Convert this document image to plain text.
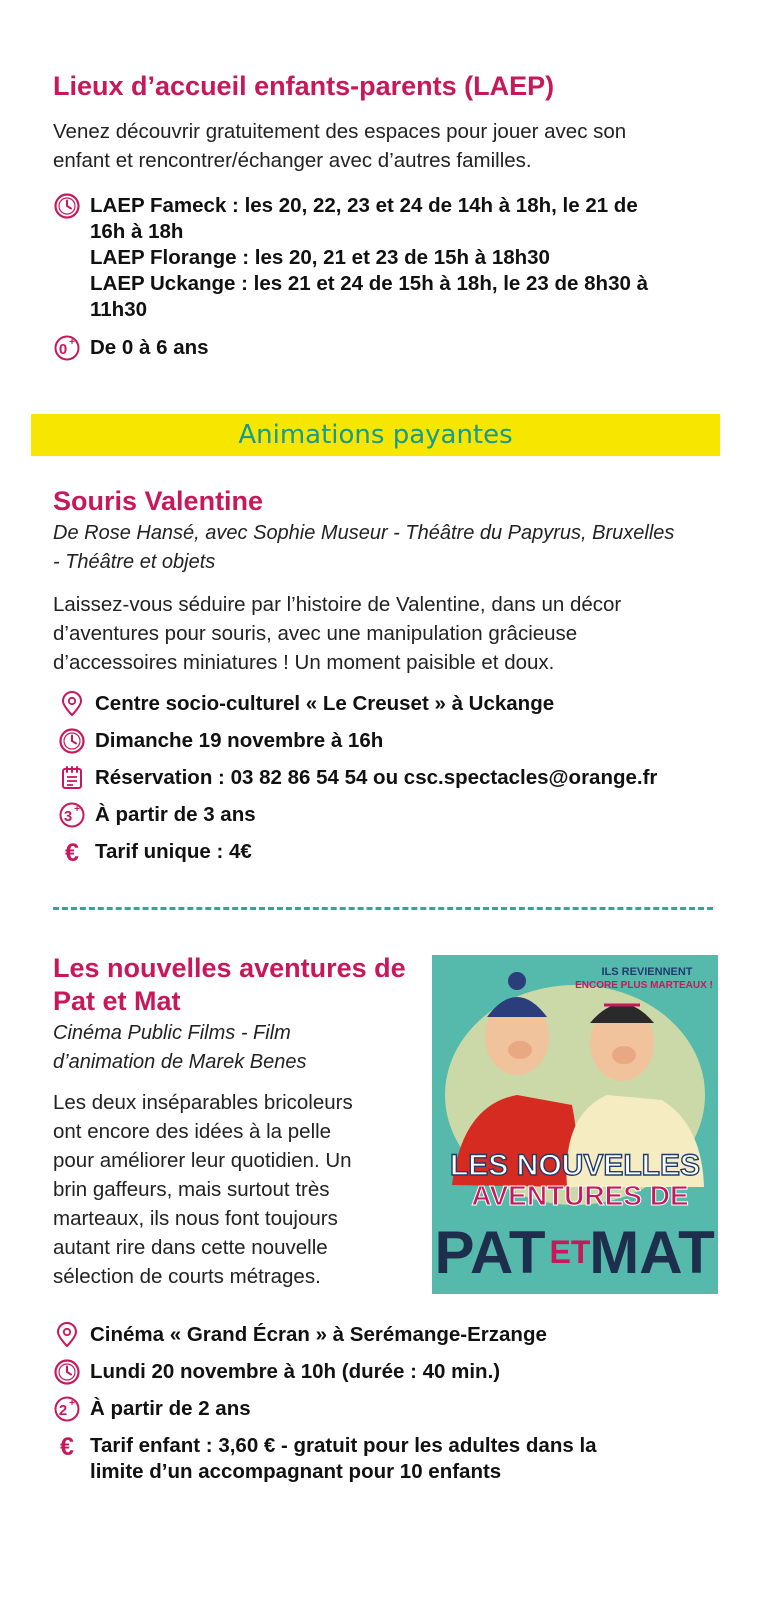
Lieux d’accueil enfants-parents (LAEP)
Venez découvrir gratuitement des espaces pour jouer avec son
enfant et rencontrer/échanger avec d’autres familles.
LAEP Fameck : les 20, 22, 23 et 24 de 14h à 18h, le 21 de
16h à 18h
LAEP Florange : les 20, 21 et 23 de 15h à 18h30
LAEP Uckange : les 21 et 24 de 15h à 18h, le 23 de 8h30 à
11h30
0 + De 0 à 6 ans
Animations payantes
Souris Valentine
De Rose Hansé, avec Sophie Museur - Théâtre du Papyrus, Bruxelles
- Théâtre et objets
Laissez-vous séduire par l’histoire de Valentine, dans un décor
d’aventures pour souris, avec une manipulation grâcieuse
d’accessoires miniatures ! Un moment paisible et doux.
Centre socio-culturel « Le Creuset » à Uckange
Dimanche 19 novembre à 16h
Réservation : 03 82 86 54 54 ou csc.spectacles@orange.fr
3 + À partir de 3 ans
€ Tarif unique : 4€
Les nouvelles aventures de
Pat et Mat
Cinéma Public Films - Film
d’animation de Marek Benes
Les deux inséparables bricoleurs
ont encore des idées à la pelle
pour améliorer leur quotidien. Un
brin gaffeurs, mais surtout très
marteaux, ils nous font toujours
autant rire dans cette nouvelle
sélection de courts métrages.
ILS REVIENNENT
ENCORE PLUS MARTEAUX !
LES NOUVELLES
AVENTURES DE
PAT ET
MAT
Cinéma « Grand Écran » à Serémange-Erzange
Lundi 20 novembre à 10h (durée : 40 min.)
2 + À partir de 2 ans
€ Tarif enfant : 3,60 € - gratuit pour les adultes dans la
limite d’un accompagnant pour 10 enfants
